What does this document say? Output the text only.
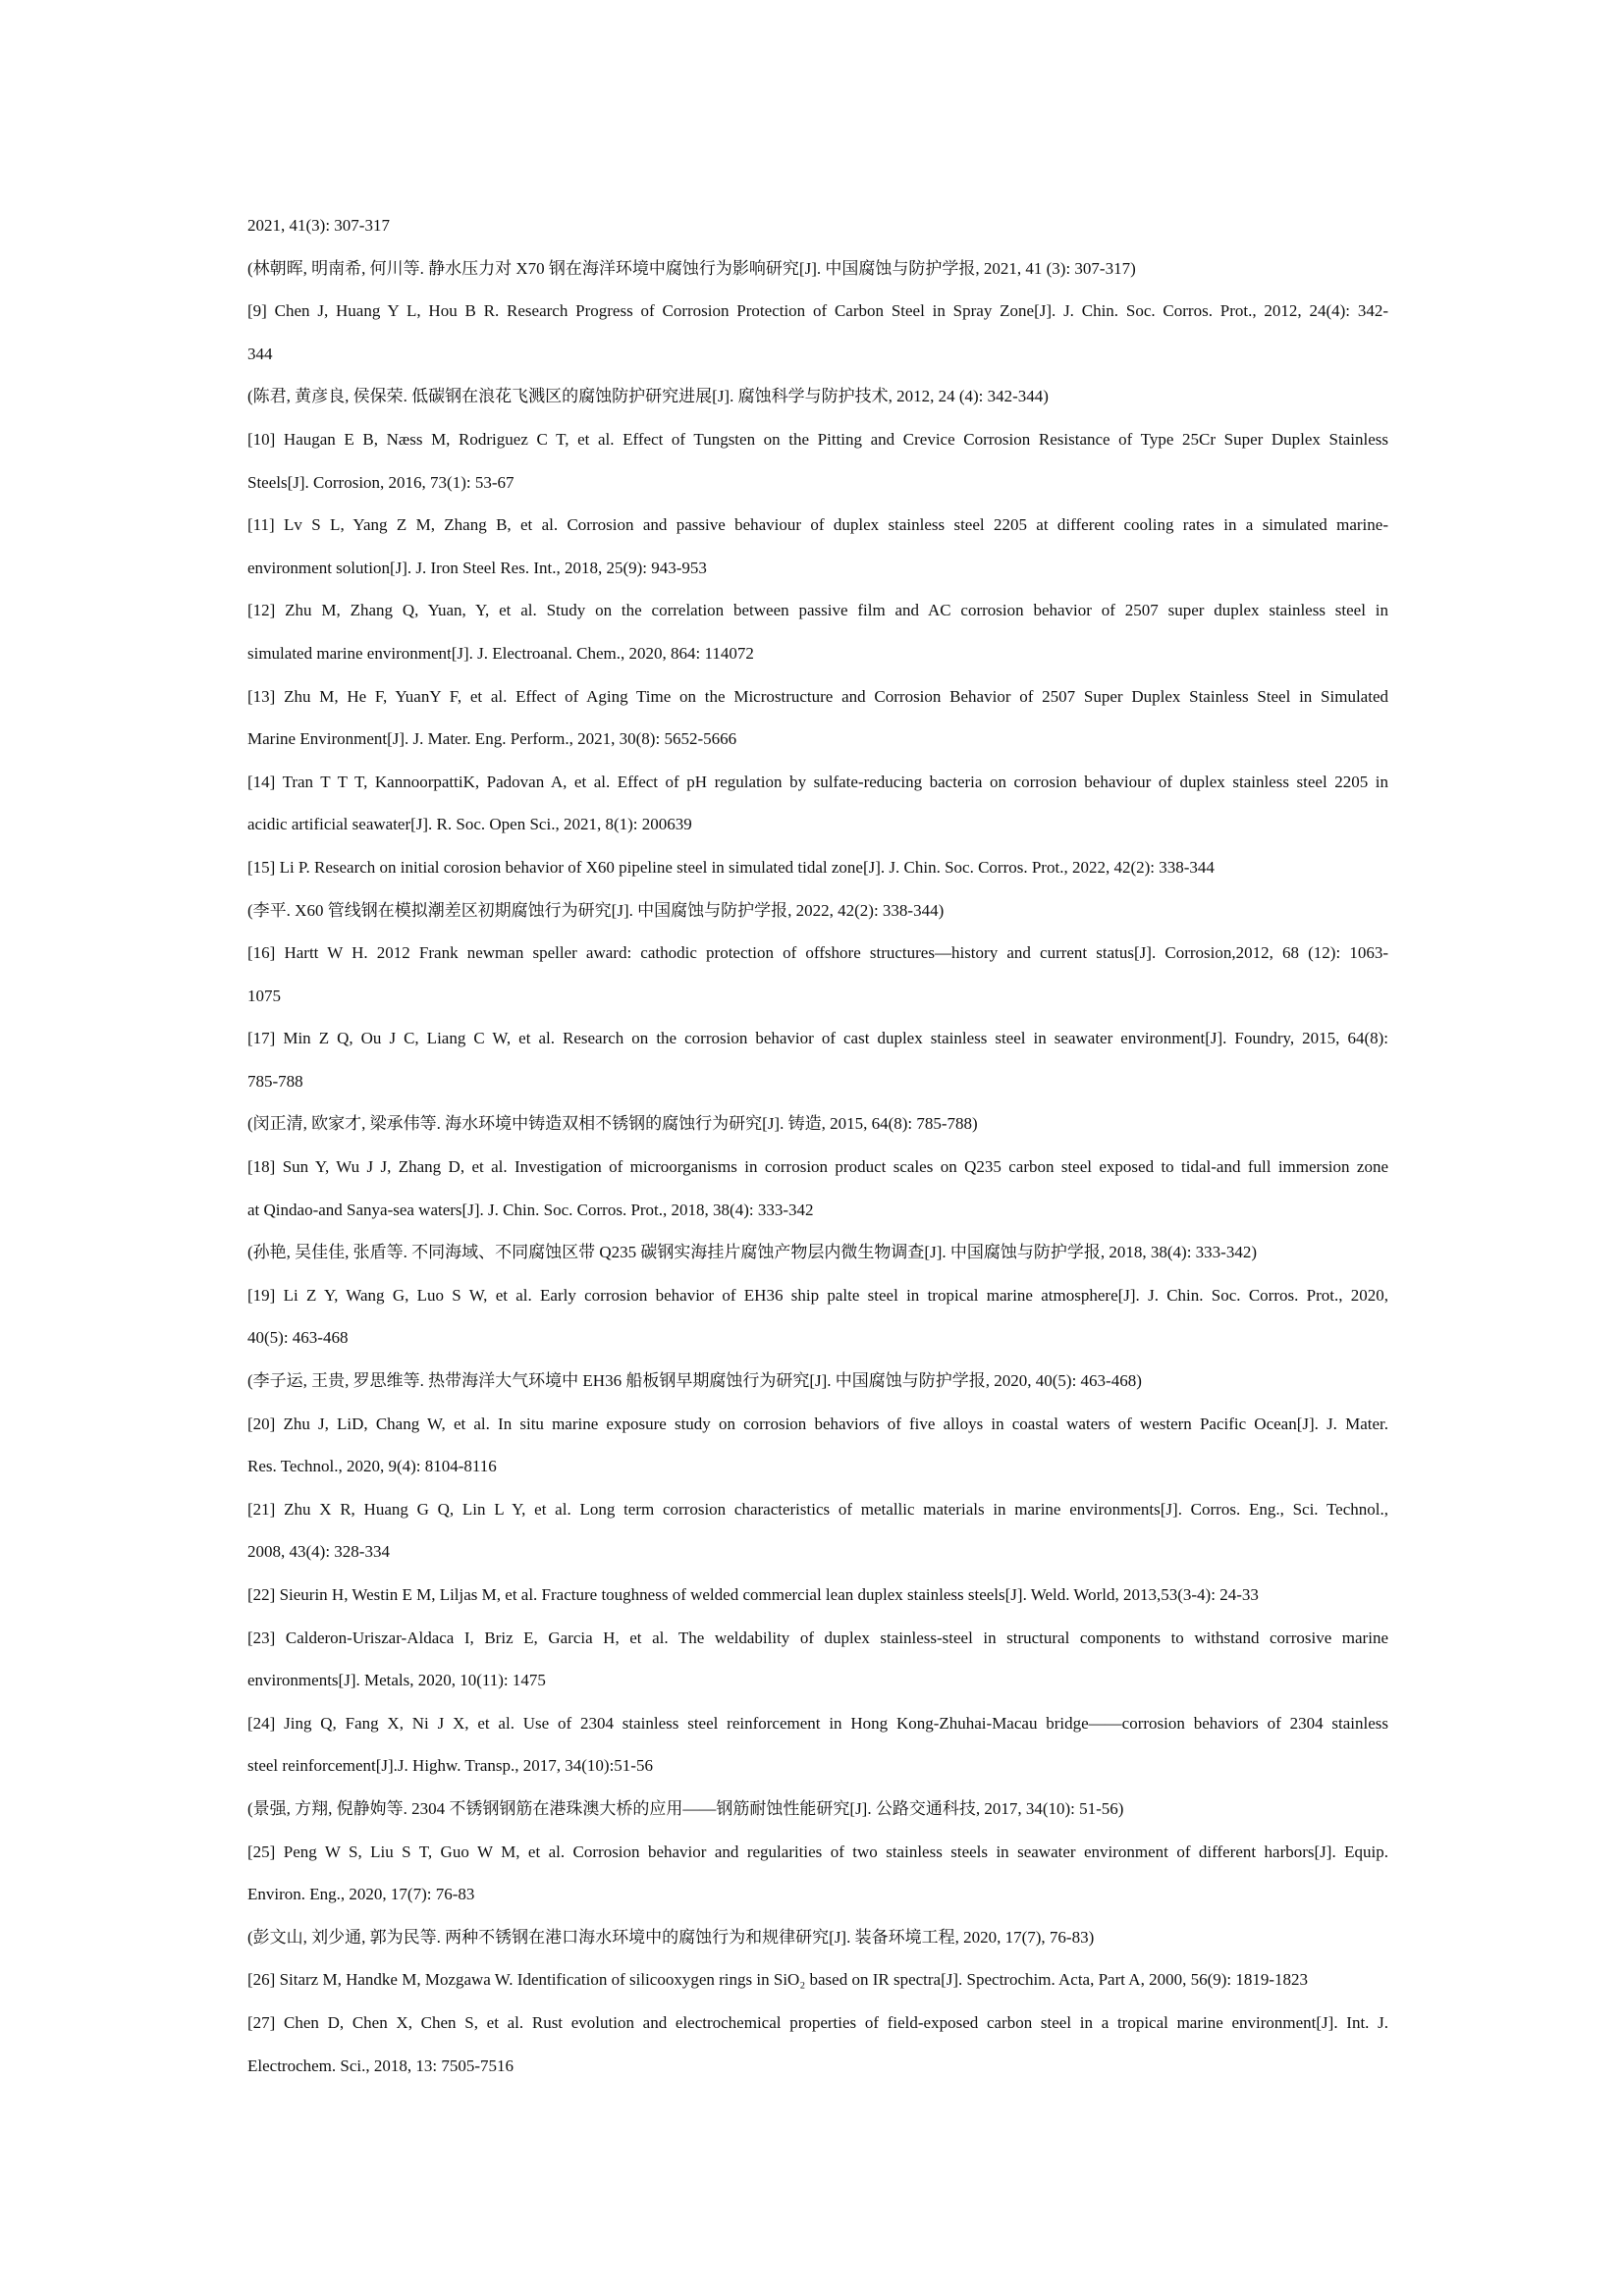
2021, 41(3): 307-317
(林朝晖, 明南希, 何川等. 静水压力对 X70 钢在海洋环境中腐蚀行为影响研究[J]. 中国腐蚀与防护学报, 2021, 41 (3): 307-317)
[9] Chen J, Huang Y L, Hou B R. Research Progress of Corrosion Protection of Carbon Steel in Spray Zone[J]. J. Chin. Soc. Corros. Prot., 2012, 24(4): 342-
344
(陈君, 黄彦良, 侯保荣. 低碳钢在浪花飞溅区的腐蚀防护研究进展[J]. 腐蚀科学与防护技术, 2012, 24 (4): 342-344)
[10] Haugan E B, Næss M, Rodriguez C T, et al. Effect of Tungsten on the Pitting and Crevice Corrosion Resistance of Type 25Cr Super Duplex Stainless
Steels[J]. Corrosion, 2016, 73(1): 53-67
[11] Lv S L, Yang Z M, Zhang B, et al. Corrosion and passive behaviour of duplex stainless steel 2205 at different cooling rates in a simulated marine-
environment solution[J]. J. Iron Steel Res. Int., 2018, 25(9): 943-953
[12] Zhu M, Zhang Q, Yuan, Y, et al. Study on the correlation between passive film and AC corrosion behavior of 2507 super duplex stainless steel in
simulated marine environment[J]. J. Electroanal. Chem., 2020, 864: 114072
[13] Zhu M, He F, YuanY F, et al. Effect of Aging Time on the Microstructure and Corrosion Behavior of 2507 Super Duplex Stainless Steel in Simulated
Marine Environment[J]. J. Mater. Eng. Perform., 2021, 30(8): 5652-5666
[14] Tran T T T, KannoorpattiK, Padovan A, et al. Effect of pH regulation by sulfate-reducing bacteria on corrosion behaviour of duplex stainless steel 2205 in
acidic artificial seawater[J]. R. Soc. Open Sci., 2021, 8(1): 200639
[15] Li P. Research on initial corosion behavior of X60 pipeline steel in simulated tidal zone[J]. J. Chin. Soc. Corros. Prot., 2022, 42(2): 338-344
(李平. X60 管线钢在模拟潮差区初期腐蚀行为研究[J]. 中国腐蚀与防护学报, 2022, 42(2): 338-344)
[16] Hartt W H. 2012 Frank newman speller award: cathodic protection of offshore structures—history and current status[J]. Corrosion,2012, 68 (12): 1063-
1075
[17] Min Z Q, Ou J C, Liang C W, et al. Research on the corrosion behavior of cast duplex stainless steel in seawater environment[J]. Foundry, 2015, 64(8):
785-788
(闵正清, 欧家才, 梁承伟等. 海水环境中铸造双相不锈钢的腐蚀行为研究[J]. 铸造, 2015, 64(8): 785-788)
[18] Sun Y, Wu J J, Zhang D, et al. Investigation of microorganisms in corrosion product scales on Q235 carbon steel exposed to tidal-and full immersion zone
at Qindao-and Sanya-sea waters[J]. J. Chin. Soc. Corros. Prot., 2018, 38(4): 333-342
(孙艳, 吴佳佳, 张盾等. 不同海域、不同腐蚀区带 Q235 碳钢实海挂片腐蚀产物层内微生物调查[J]. 中国腐蚀与防护学报, 2018, 38(4): 333-342)
[19] Li Z Y, Wang G, Luo S W, et al. Early corrosion behavior of EH36 ship palte steel in tropical marine atmosphere[J]. J. Chin. Soc. Corros. Prot., 2020,
40(5): 463-468
(李子运, 王贵, 罗思维等. 热带海洋大气环境中 EH36 船板钢早期腐蚀行为研究[J]. 中国腐蚀与防护学报, 2020, 40(5): 463-468)
[20] Zhu J, LiD, Chang W, et al. In situ marine exposure study on corrosion behaviors of five alloys in coastal waters of western Pacific Ocean[J]. J. Mater.
Res. Technol., 2020, 9(4): 8104-8116
[21] Zhu X R, Huang G Q, Lin L Y, et al. Long term corrosion characteristics of metallic materials in marine environments[J]. Corros. Eng., Sci. Technol.,
2008, 43(4): 328-334
[22] Sieurin H, Westin E M, Liljas M, et al. Fracture toughness of welded commercial lean duplex stainless steels[J]. Weld. World, 2013,53(3-4): 24-33
[23] Calderon-Uriszar-Aldaca I, Briz E, Garcia H, et al. The weldability of duplex stainless-steel in structural components to withstand corrosive marine
environments[J]. Metals, 2020, 10(11): 1475
[24] Jing Q, Fang X, Ni J X, et al. Use of 2304 stainless steel reinforcement in Hong Kong-Zhuhai-Macau bridge——corrosion behaviors of 2304 stainless
steel reinforcement[J].J. Highw. Transp., 2017, 34(10):51-56
(景强, 方翔, 倪静姁等. 2304 不锈钢钢筋在港珠澳大桥的应用——钢筋耐蚀性能研究[J]. 公路交通科技, 2017, 34(10): 51-56)
[25] Peng W S, Liu S T, Guo W M, et al. Corrosion behavior and regularities of two stainless steels in seawater environment of different harbors[J]. Equip.
Environ. Eng., 2020, 17(7): 76-83
(彭文山, 刘少通, 郭为民等. 两种不锈钢在港口海水环境中的腐蚀行为和规律研究[J]. 装备环境工程, 2020, 17(7), 76-83)
[26] Sitarz M, Handke M, Mozgawa W. Identification of silicooxygen rings in SiO₂ based on IR spectra[J]. Spectrochim. Acta, Part A, 2000, 56(9): 1819-1823
[27] Chen D, Chen X, Chen S, et al. Rust evolution and electrochemical properties of field-exposed carbon steel in a tropical marine environment[J]. Int. J.
Electrochem. Sci., 2018, 13: 7505-7516
